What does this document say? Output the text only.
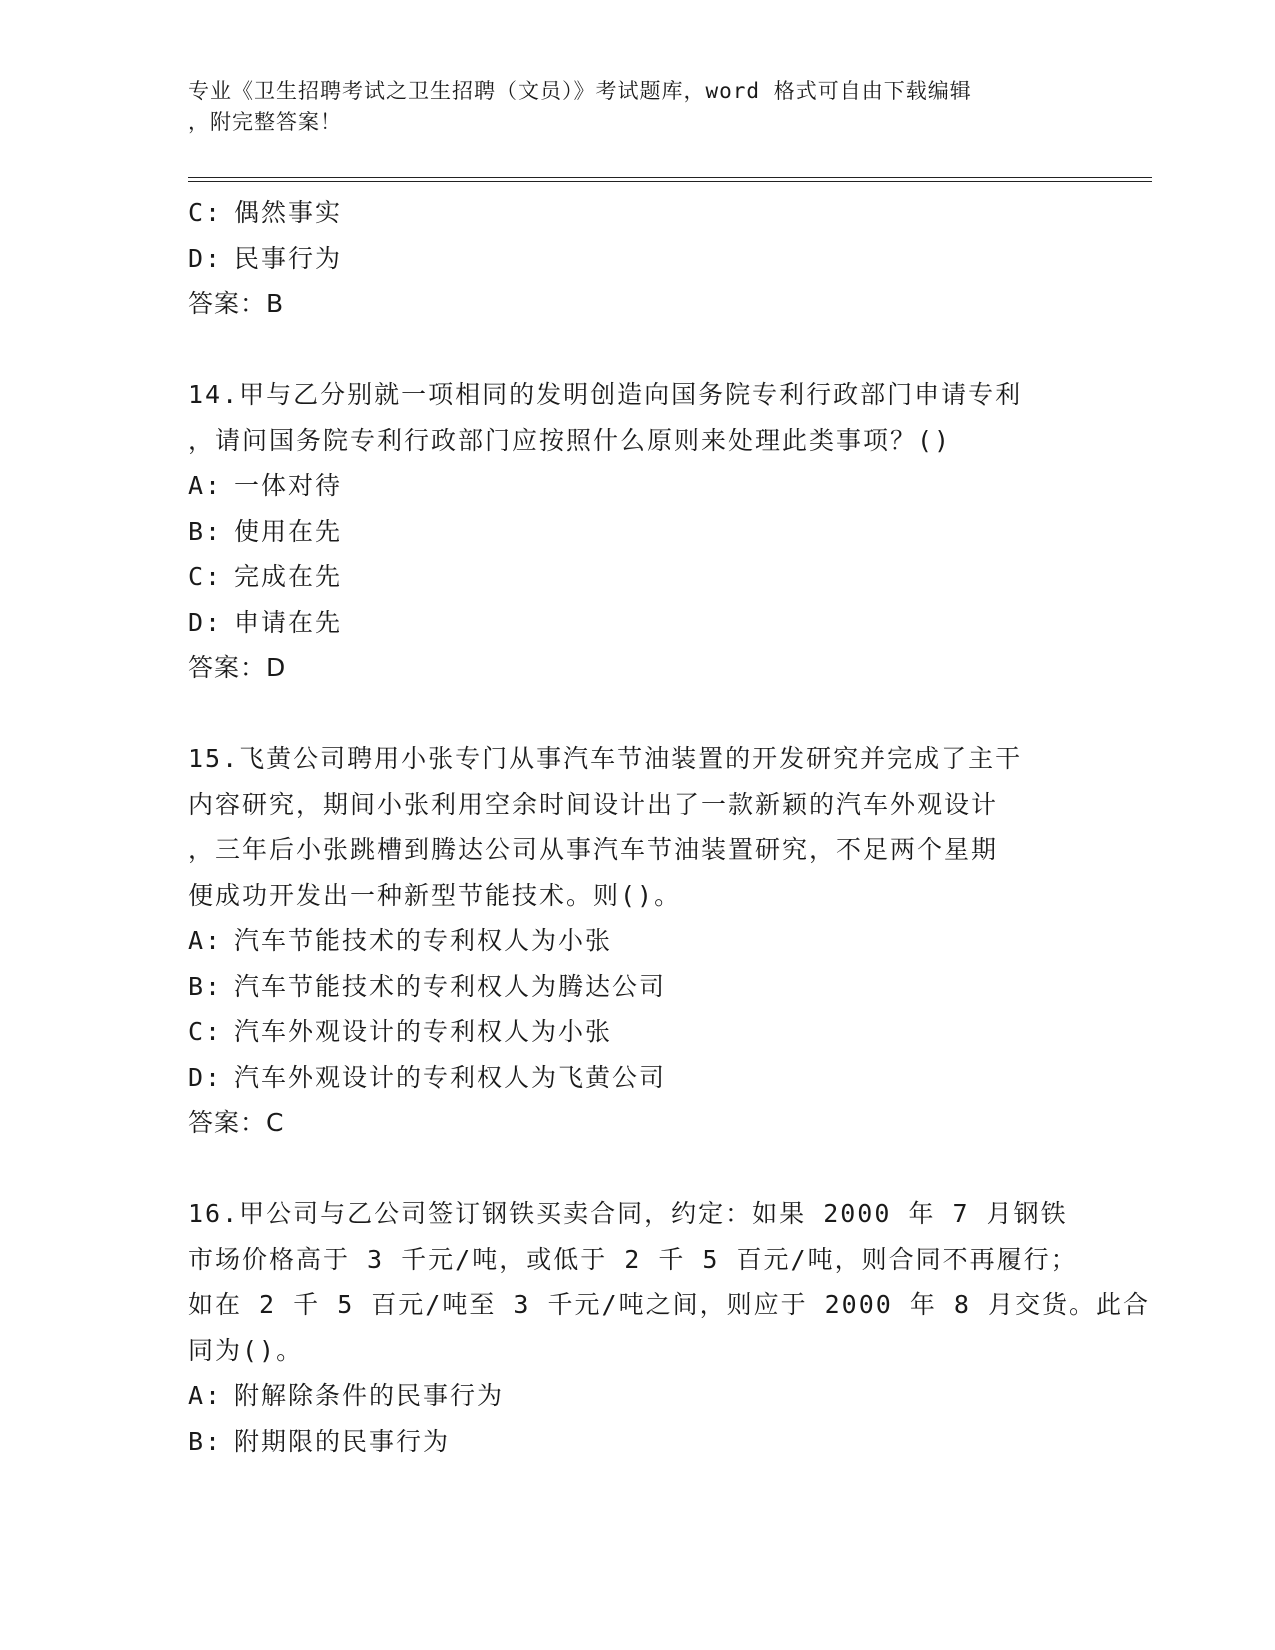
专业《卫生招聘考试之卫生招聘（文员）》考试题库，word 格式可自由下载编辑
，附完整答案！
C: 偶然事实
D: 民事行为
答案：B
14.甲与乙分别就一项相同的发明创造向国务院专利行政部门申请专利
，请问国务院专利行政部门应按照什么原则来处理此类事项？()
A: 一体对待
B: 使用在先
C: 完成在先
D: 申请在先
答案：D
15.飞黄公司聘用小张专门从事汽车节油装置的开发研究并完成了主干
内容研究，期间小张利用空余时间设计出了一款新颖的汽车外观设计
，三年后小张跳槽到腾达公司从事汽车节油装置研究，不足两个星期
便成功开发出一种新型节能技术。则()。
A: 汽车节能技术的专利权人为小张
B: 汽车节能技术的专利权人为腾达公司
C: 汽车外观设计的专利权人为小张
D: 汽车外观设计的专利权人为飞黄公司
答案：C
16.甲公司与乙公司签订钢铁买卖合同，约定：如果 2000 年 7 月钢铁
市场价格高于 3 千元/吨，或低于 2 千 5 百元/吨，则合同不再履行；
如在 2 千 5 百元/吨至 3 千元/吨之间，则应于 2000 年 8 月交货。此合
同为()。
A: 附解除条件的民事行为
B: 附期限的民事行为
